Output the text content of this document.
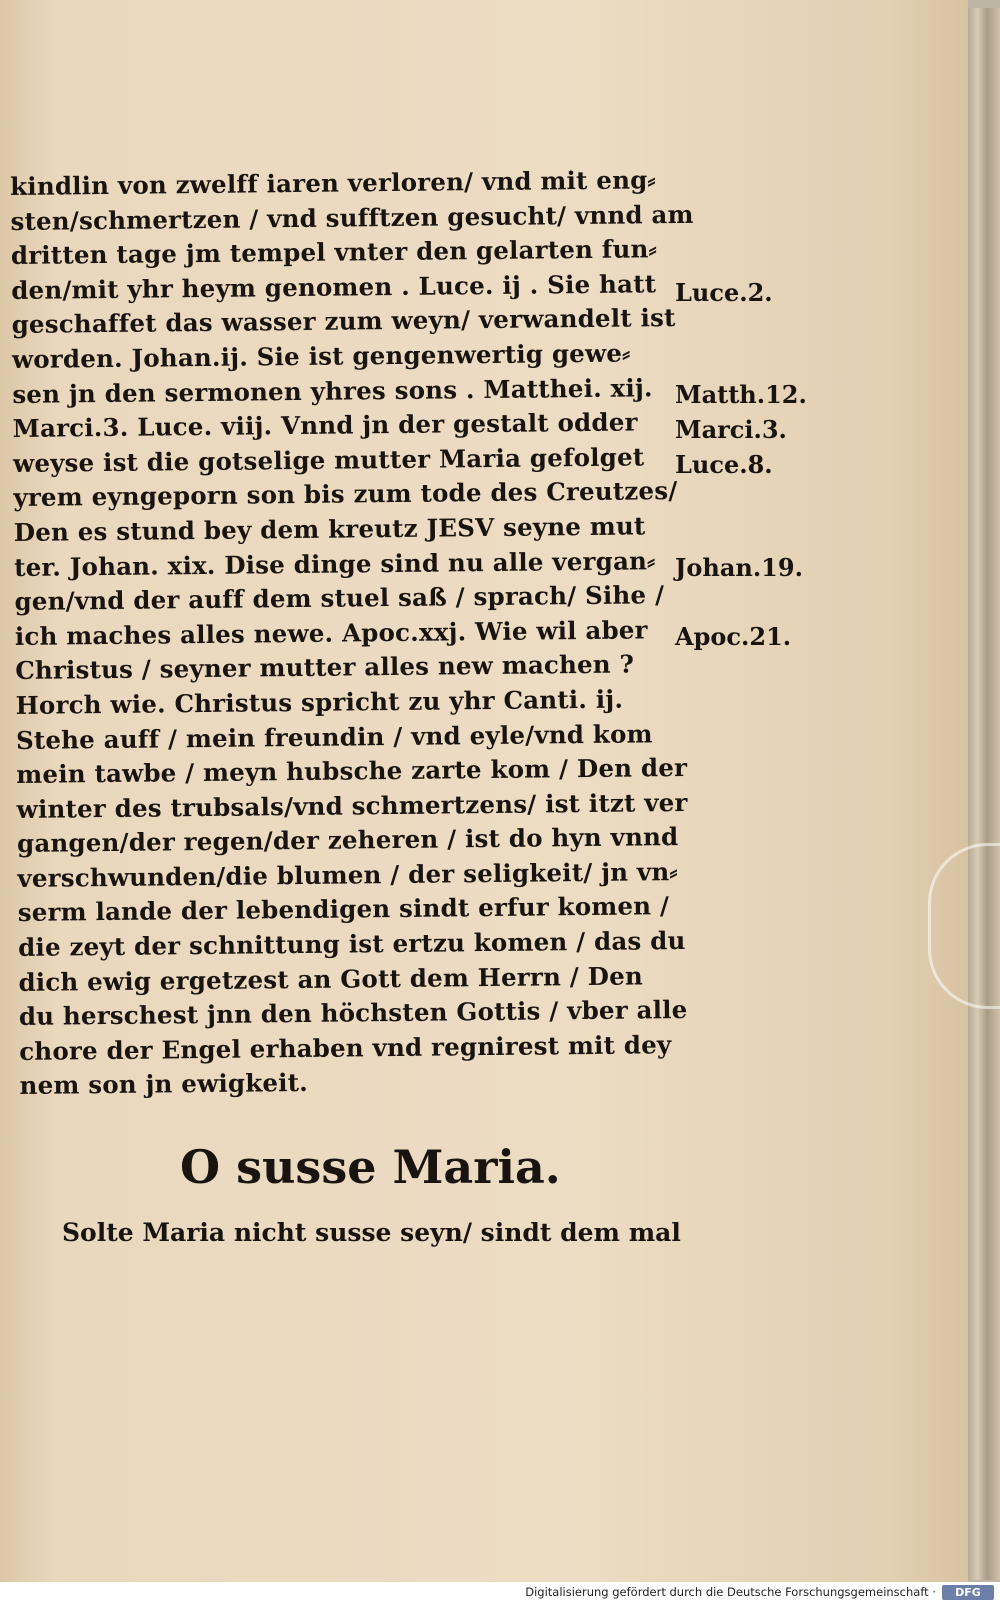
kindlin von zwelff iaren verloren/ vnd mit eng⸗
sten/schmertzen / vnd sufftzen gesucht/ vnnd am
dritten tage jm tempel vnter den gelarten fun⸗
den/mit yhr heym genomen . Luce. ij . Sie hatt
geschaffet das wasser zum weyn/ verwandelt ist
worden. Johan.ij. Sie ist gengenwertig gewe⸗
sen jn den sermonen yhres sons . Matthei. xij.
Marci.3. Luce. viij. Vnnd jn der gestalt odder
weyse ist die gotselige mutter Maria gefolget
yrem eyngeporn son bis zum tode des Creutzes/
Den es stund bey dem kreutz JESV seyne mut
ter. Johan. xix. Dise dinge sind nu alle vergan⸗
gen/vnd der auff dem stuel saß / sprach/ Sihe /
ich maches alles newe. Apoc.xxj. Wie wil aber
Christus / seyner mutter alles new machen ?
Horch wie. Christus spricht zu yhr Canti. ij.
Stehe auff / mein freundin / vnd eyle/vnd kom
mein tawbe / meyn hubsche zarte kom / Den der
winter des trubsals/vnd schmertzens/ ist itzt ver
gangen/der regen/der zeheren / ist do hyn vnnd
verschwunden/die blumen / der seligkeit/ jn vn⸗
serm lande der lebendigen sindt erfur komen /
die zeyt der schnittung ist ertzu komen / das du
dich ewig ergetzest an Gott dem Herrn / Den
du herschest jnn den höchsten Gottis / vber alle
chore der Engel erhaben vnd regnirest mit dey
nem son jn ewigkeit.
Luce.2.
Matth.12.
Marci.3.
Luce.8.
Johan.19.
Apoc.21.
O susse Maria.
Solte Maria nicht susse seyn/ sindt dem mal
Digitalisierung gefördert durch die Deutsche Forschungsgemeinschaft ·	DFG
